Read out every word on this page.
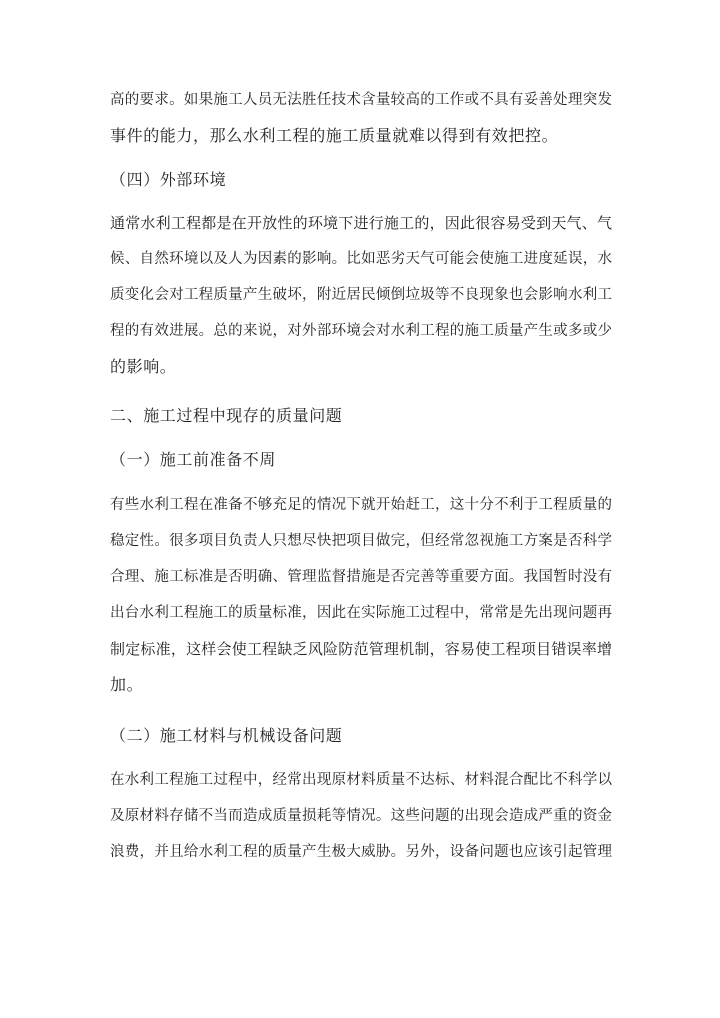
高的要求。如果施工人员无法胜任技术含量较高的工作或不具有妥善处理突发
事件的能力，那么水利工程的施工质量就难以得到有效把控。
（四）外部环境
通常水利工程都是在开放性的环境下进行施工的，因此很容易受到天气、气
候、自然环境以及人为因素的影响。比如恶劣天气可能会使施工进度延误，水
质变化会对工程质量产生破坏，附近居民倾倒垃圾等不良现象也会影响水利工
程的有效进展。总的来说，对外部环境会对水利工程的施工质量产生或多或少
的影响。
二、施工过程中现存的质量问题
（一）施工前准备不周
有些水利工程在准备不够充足的情况下就开始赶工，这十分不利于工程质量的
稳定性。很多项目负责人只想尽快把项目做完，但经常忽视施工方案是否科学
合理、施工标准是否明确、管理监督措施是否完善等重要方面。我国暂时没有
出台水利工程施工的质量标准，因此在实际施工过程中，常常是先出现问题再
制定标准，这样会使工程缺乏风险防范管理机制，容易使工程项目错误率增
加。
（二）施工材料与机械设备问题
在水利工程施工过程中，经常出现原材料质量不达标、材料混合配比不科学以
及原材料存储不当而造成质量损耗等情况。这些问题的出现会造成严重的资金
浪费，并且给水利工程的质量产生极大威胁。另外，设备问题也应该引起管理
